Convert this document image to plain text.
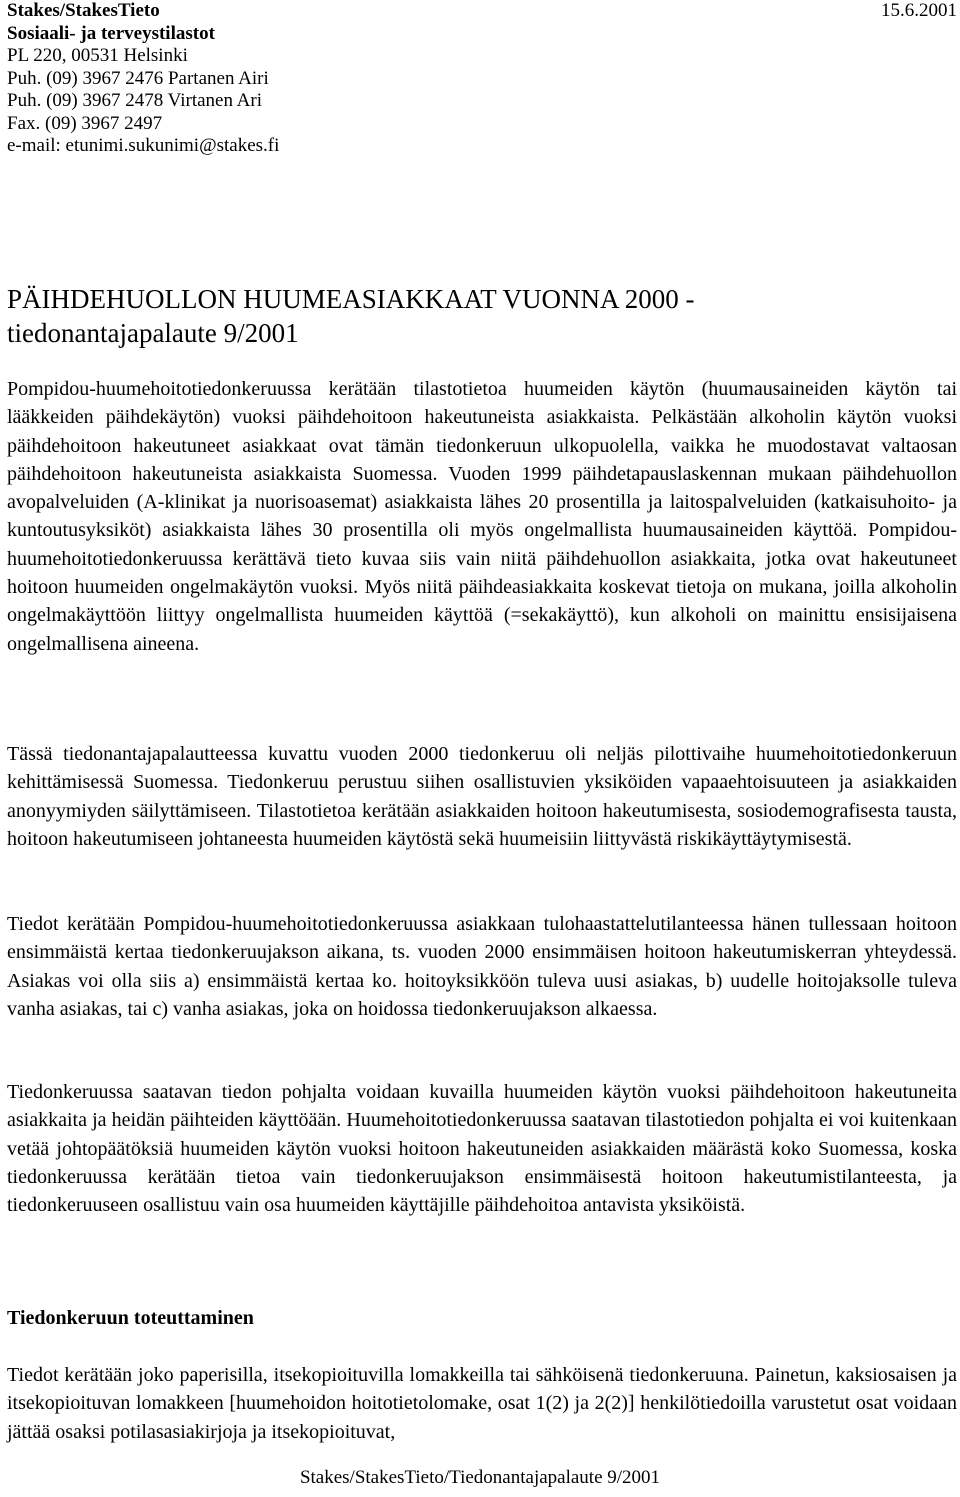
Stakes/StakesTieto	15.6.2001
Sosiaali- ja terveystilastot
PL 220, 00531 Helsinki
Puh. (09) 3967 2476 Partanen Airi
Puh. (09) 3967 2478 Virtanen Ari
Fax. (09) 3967 2497
e-mail: etunimi.sukunimi@stakes.fi
PÄIHDEHUOLLON HUUMEASIAKKAAT VUONNA 2000 -
tiedonantajapalaute 9/2001

Pompidou-huumehoitotiedonkeruussa kerätään tilastotietoa huumeiden käytön (huumausaineiden käytön tai lääkkeiden päihdekäytön) vuoksi päihdehoitoon hakeutuneista asiakkaista. Pelkästään alkoholin käytön vuoksi päihdehoitoon hakeutuneet asiakkaat ovat tämän tiedonkeruun ulkopuolella, vaikka he muodostavat valtaosan päihdehoitoon hakeutuneista asiakkaista Suomessa. Vuoden 1999 päihdetapauslaskennan mukaan päihdehuollon avopalveluiden (A-klinikat ja nuorisoasemat) asiakkaista lähes 20 prosentilla ja laitospalveluiden (katkaisuhoito- ja kuntoutusyksiköt) asiakkaista lähes 30 prosentilla oli myös ongelmallista huumausaineiden käyttöä. Pompidou-huumehoitotiedonkeruussa kerättävä tieto kuvaa siis vain niitä päihdehuollon asiakkaita, jotka ovat hakeutuneet hoitoon huumeiden ongelmakäytön vuoksi. Myös niitä päihdeasiakkaita koskevat tietoja on mukana, joilla alkoholin ongelmakäyttöön liittyy ongelmallista huumeiden käyttöä (=sekakäyttö), kun alkoholi on mainittu ensisijaisena ongelmallisena aineena.

Tässä tiedonantajapalautteessa kuvattu vuoden 2000 tiedonkeruu oli neljäs pilottivaihe huumehoitotiedonkeruun kehittämisessä Suomessa. Tiedonkeruu perustuu siihen osallistuvien yksiköiden vapaaehtoisuuteen ja asiakkaiden anonyymiyden säilyttämiseen. Tilastotietoa kerätään asiakkaiden hoitoon hakeutumisesta, sosiodemografisesta tausta, hoitoon hakeutumiseen johtaneesta huumeiden käytöstä sekä huumeisiin liittyvästä riskikäyttäytymisestä.

Tiedot kerätään Pompidou-huumehoitotiedonkeruussa asiakkaan tulohaastattelutilanteessa hänen tullessaan hoitoon ensimmäistä kertaa tiedonkeruujakson aikana, ts. vuoden 2000 ensimmäisen hoitoon hakeutumiskerran yhteydessä. Asiakas voi olla siis a) ensimmäistä kertaa ko. hoitoyksikköön tuleva uusi asiakas, b) uudelle hoitojaksolle tuleva vanha asiakas, tai c) vanha asiakas, joka on hoidossa tiedonkeruujakson alkaessa.

Tiedonkeruussa saatavan tiedon pohjalta voidaan kuvailla huumeiden käytön vuoksi päihdehoitoon hakeutuneita asiakkaita ja heidän päihteiden käyttöään. Huumehoitotiedonkeruussa saatavan tilastotiedon pohjalta ei voi kuitenkaan vetää johtopäätöksiä huumeiden käytön vuoksi hoitoon hakeutuneiden asiakkaiden määrästä koko Suomessa, koska tiedonkeruussa kerätään tietoa vain tiedonkeruujakson ensimmäisestä hoitoon hakeutumistilanteesta, ja tiedonkeruuseen osallistuu vain osa huumeiden käyttäjille päihdehoitoa antavista yksiköistä.

Tiedonkeruun toteuttaminen

Tiedot kerätään joko paperisilla, itsekopioituvilla lomakkeilla tai sähköisenä tiedonkeruuna. Painetun, kaksiosaisen ja itsekopioituvan lomakkeen [huumehoidon hoitotietolomake, osat 1(2) ja 2(2)] henkilötiedoilla varustetut osat voidaan jättää osaksi potilasasiakirjoja ja itsekopioituvat,

Stakes/StakesTieto/Tiedonantajapalaute 9/2001
